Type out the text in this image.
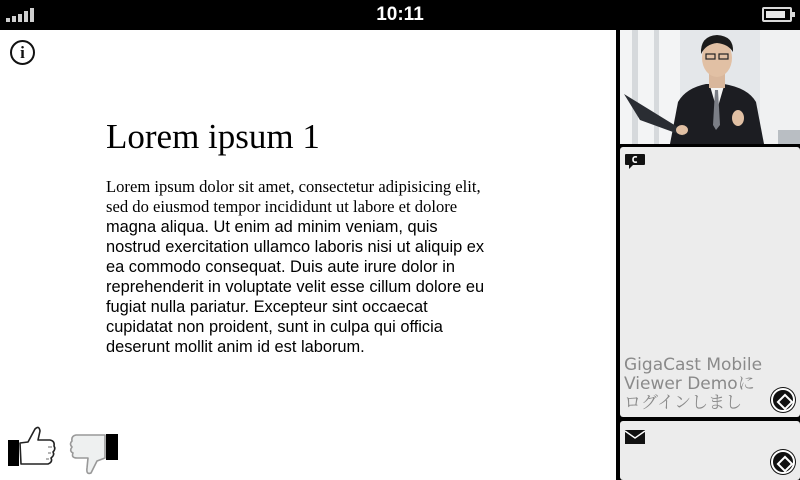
10:11
i
Lorem ipsum 1
Lorem ipsum dolor sit amet, consectetur adipisicing elit,
sed do eiusmod tempor incididunt ut labore et dolore
magna aliqua. Ut enim ad minim veniam, quis
nostrud exercitation ullamco laboris nisi ut aliquip ex
ea commodo consequat. Duis aute irure dolor in
reprehenderit in voluptate velit esse cillum dolore eu
fugiat nulla pariatur. Excepteur sint occaecat
cupidatat non proident, sunt in culpa qui officia
deserunt mollit anim id est laborum.
GigaCast Mobile
Viewer Demoに
ログインしまし
